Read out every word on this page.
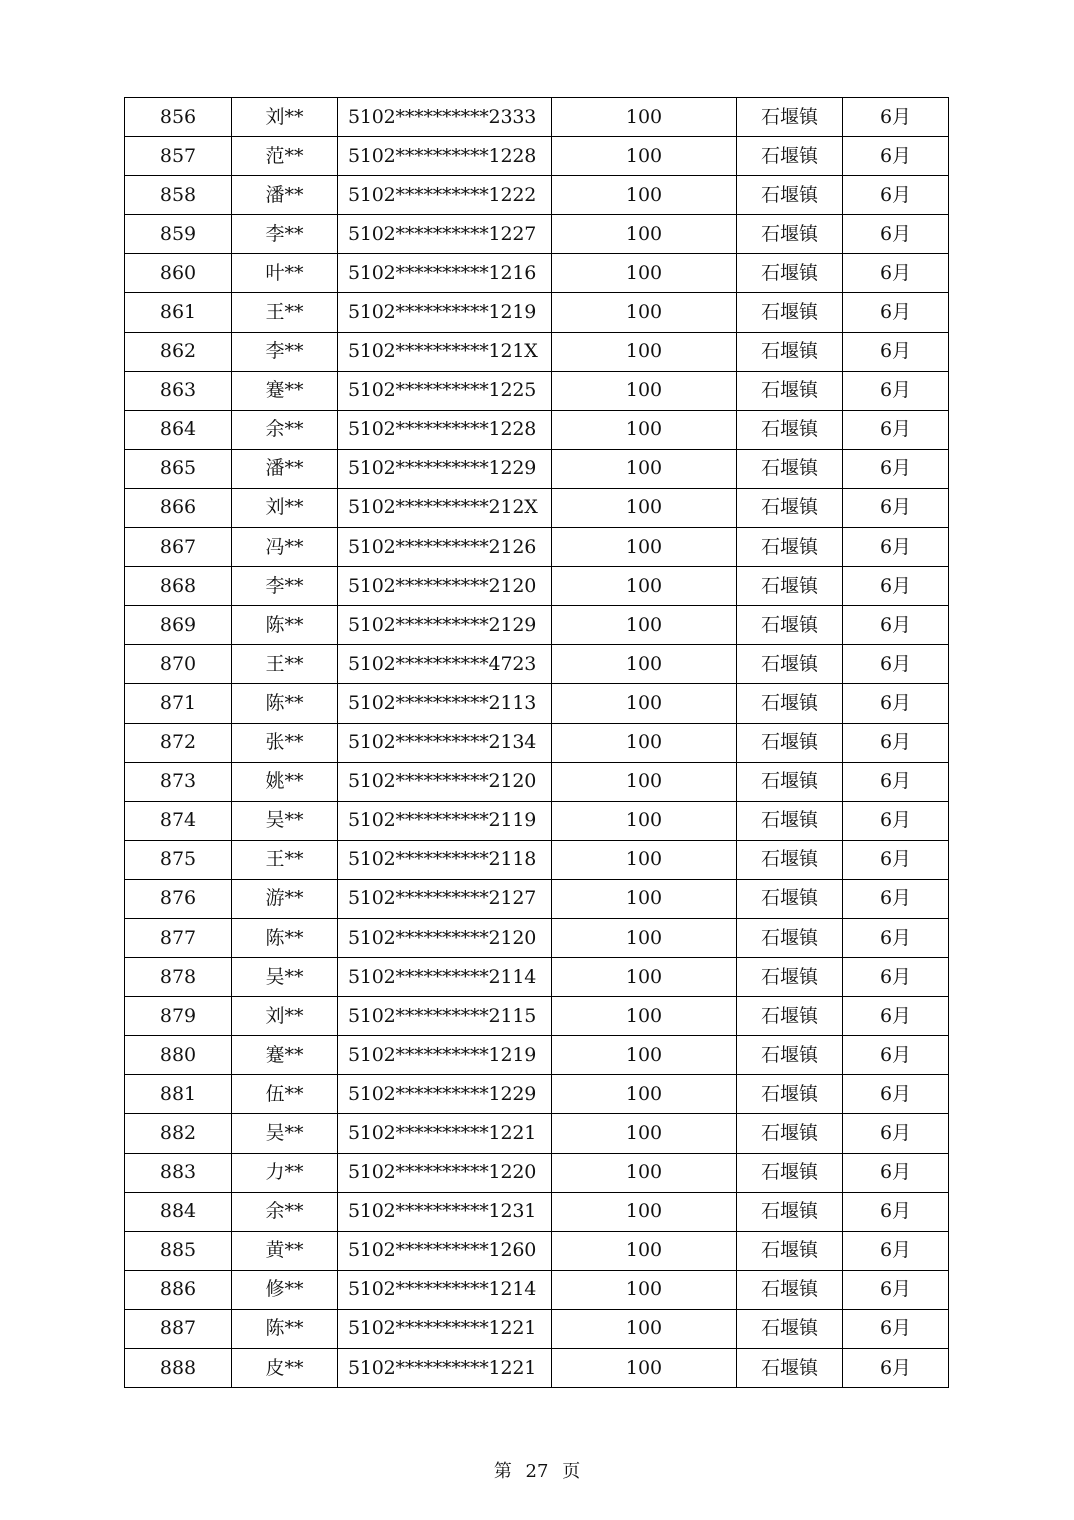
856	刘**	5102**********2333	100	石堰镇	6月
857	范**	5102**********1228	100	石堰镇	6月
858	潘**	5102**********1222	100	石堰镇	6月
859	李**	5102**********1227	100	石堰镇	6月
860	叶**	5102**********1216	100	石堰镇	6月
861	王**	5102**********1219	100	石堰镇	6月
862	李**	5102**********121X	100	石堰镇	6月
863	蹇**	5102**********1225	100	石堰镇	6月
864	余**	5102**********1228	100	石堰镇	6月
865	潘**	5102**********1229	100	石堰镇	6月
866	刘**	5102**********212X	100	石堰镇	6月
867	冯**	5102**********2126	100	石堰镇	6月
868	李**	5102**********2120	100	石堰镇	6月
869	陈**	5102**********2129	100	石堰镇	6月
870	王**	5102**********4723	100	石堰镇	6月
871	陈**	5102**********2113	100	石堰镇	6月
872	张**	5102**********2134	100	石堰镇	6月
873	姚**	5102**********2120	100	石堰镇	6月
874	吴**	5102**********2119	100	石堰镇	6月
875	王**	5102**********2118	100	石堰镇	6月
876	游**	5102**********2127	100	石堰镇	6月
877	陈**	5102**********2120	100	石堰镇	6月
878	吴**	5102**********2114	100	石堰镇	6月
879	刘**	5102**********2115	100	石堰镇	6月
880	蹇**	5102**********1219	100	石堰镇	6月
881	伍**	5102**********1229	100	石堰镇	6月
882	吴**	5102**********1221	100	石堰镇	6月
883	力**	5102**********1220	100	石堰镇	6月
884	余**	5102**********1231	100	石堰镇	6月
885	黄**	5102**********1260	100	石堰镇	6月
886	修**	5102**********1214	100	石堰镇	6月
887	陈**	5102**********1221	100	石堰镇	6月
888	皮**	5102**********1221	100	石堰镇	6月
第 27 页
